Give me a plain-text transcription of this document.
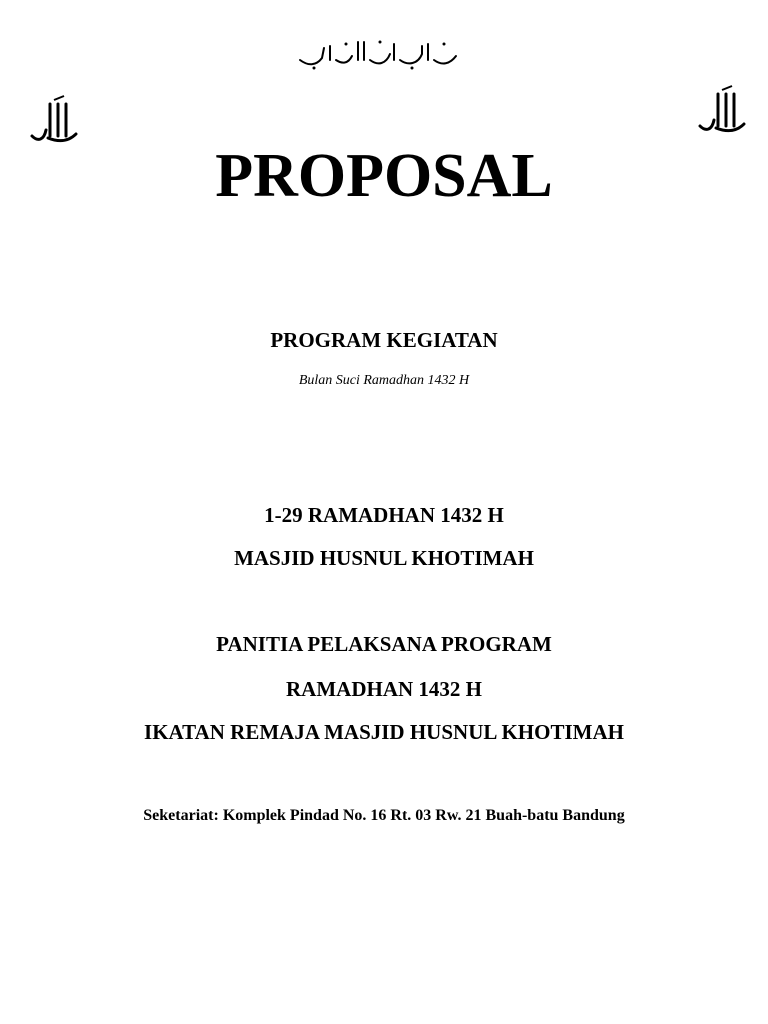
PROPOSAL
PROGRAM KEGIATAN
Bulan Suci Ramadhan 1432 H
1-29 RAMADHAN 1432 H
MASJID HUSNUL KHOTIMAH
PANITIA PELAKSANA PROGRAM
RAMADHAN 1432 H
IKATAN REMAJA MASJID HUSNUL KHOTIMAH
Seketariat: Komplek Pindad No. 16 Rt. 03 Rw. 21 Buah-batu Bandung
